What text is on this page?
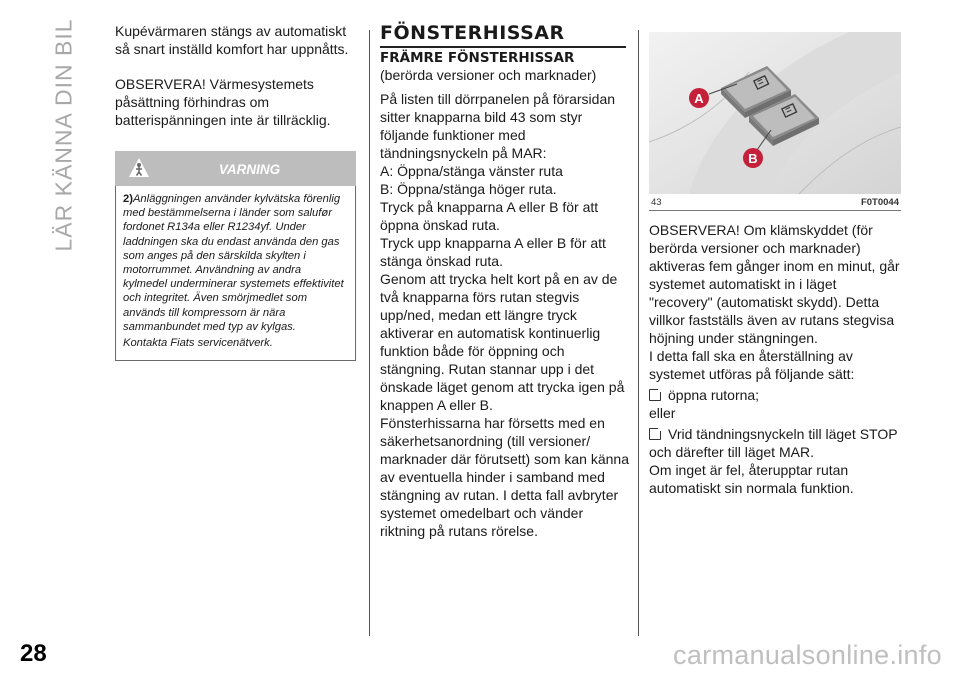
LÄR KÄNNA DIN BIL
28

Kupévärmaren stängs av automatiskt så snart inställd komfort har uppnåtts.

OBSERVERA! Värmesystemets påsättning förhindras om batterispänningen inte är tillräcklig.

VARNING
2)Anläggningen använder kylvätska förenlig med bestämmelserna i länder som salufør fordonet R134a eller R1234yf. Under laddningen ska du endast använda den gas som anges på den särskilda skylten i motorrummet. Användning av andra kylmedel underminerar systemets effektivitet och integritet. Även smörjmedlet som används till kompressorn är nära sammanbundet med typ av kylgas.
Kontakta Fiats servicenätverk.
FÖNSTERHISSAR
FRÄMRE FÖNSTERHISSAR

(berörda versioner och marknader)

På listen till dörrpanelen på förarsidan sitter knapparna bild 43 som styr följande funktioner med tändningsnyckeln på MAR:

A: Öppna/stänga vänster ruta

B: Öppna/stänga höger ruta.

Tryck på knapparna A eller B för att öppna önskad ruta.

Tryck upp knapparna A eller B för att stänga önskad ruta.

Genom att trycka helt kort på en av de två knapparna förs rutan stegvis upp/ned, medan ett längre tryck aktiverar en automatisk kontinuerlig funktion både för öppning och stängning. Rutan stannar upp i det önskade läget genom att trycka igen på knappen A eller B.

Fönsterhissarna har försetts med en säkerhetsanordning (till versioner/ marknader där förutsett) som kan känna av eventuella hinder i samband med stängning av rutan. I detta fall avbryter systemet omedelbart och vänder riktning på rutans rörelse.

A
B
43	F0T0044

OBSERVERA! Om klämskyddet (för berörda versioner och marknader) aktiveras fem gånger inom en minut, går systemet automatiskt in i läget "recovery" (automatiskt skydd). Detta villkor fastställs även av rutans stegvisa höjning under stängningen.

I detta fall ska en återställning av systemet utföras på följande sätt:

öppna rutorna;

eller

Vrid tändningsnyckeln till läget STOP och därefter till läget MAR.

Om inget är fel, återupptar rutan automatiskt sin normala funktion.

carmanualsonline.info
